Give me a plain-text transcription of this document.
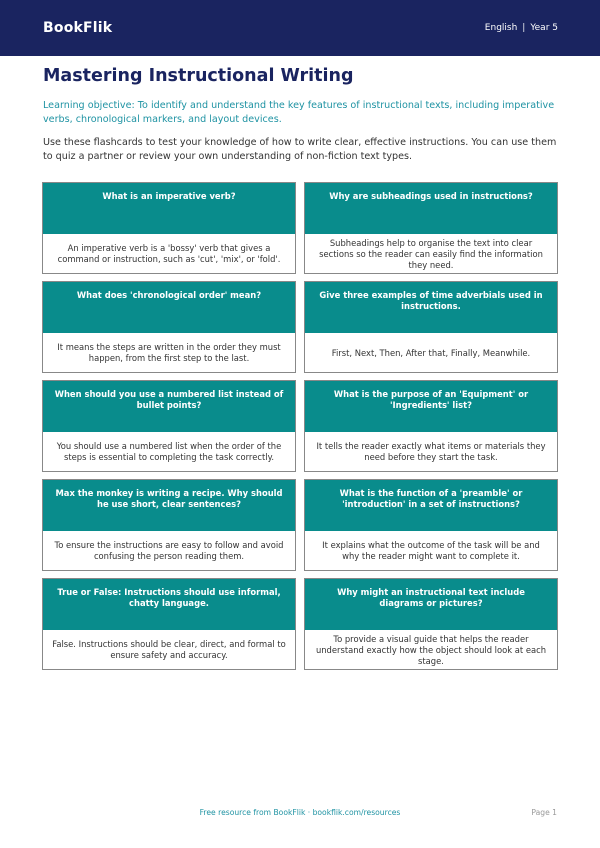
BookFlik	English | Year 5
Mastering Instructional Writing

Learning objective: To identify and understand the key features of instructional texts, including imperative verbs, chronological markers, and layout devices.

Use these flashcards to test your knowledge of how to write clear, effective instructions. You can use them to quiz a partner or review your own understanding of non-fiction text types.

What is an imperative verb?
An imperative verb is a 'bossy' verb that gives a command or instruction, such as 'cut', 'mix', or 'fold'.
Why are subheadings used in instructions?
Subheadings help to organise the text into clear sections so the reader can easily find the information they need.
What does 'chronological order' mean?
It means the steps are written in the order they must happen, from the first step to the last.
Give three examples of time adverbials used in instructions.
First, Next, Then, After that, Finally, Meanwhile.
When should you use a numbered list instead of bullet points?
You should use a numbered list when the order of the steps is essential to completing the task correctly.
What is the purpose of an 'Equipment' or 'Ingredients' list?
It tells the reader exactly what items or materials they need before they start the task.
Max the monkey is writing a recipe. Why should he use short, clear sentences?
To ensure the instructions are easy to follow and avoid confusing the person reading them.
What is the function of a 'preamble' or 'introduction' in a set of instructions?
It explains what the outcome of the task will be and why the reader might want to complete it.
True or False: Instructions should use informal, chatty language.
False. Instructions should be clear, direct, and formal to ensure safety and accuracy.
Why might an instructional text include diagrams or pictures?
To provide a visual guide that helps the reader understand exactly how the object should look at each stage.
Free resource from BookFlik · bookflik.com/resources	Page 1
